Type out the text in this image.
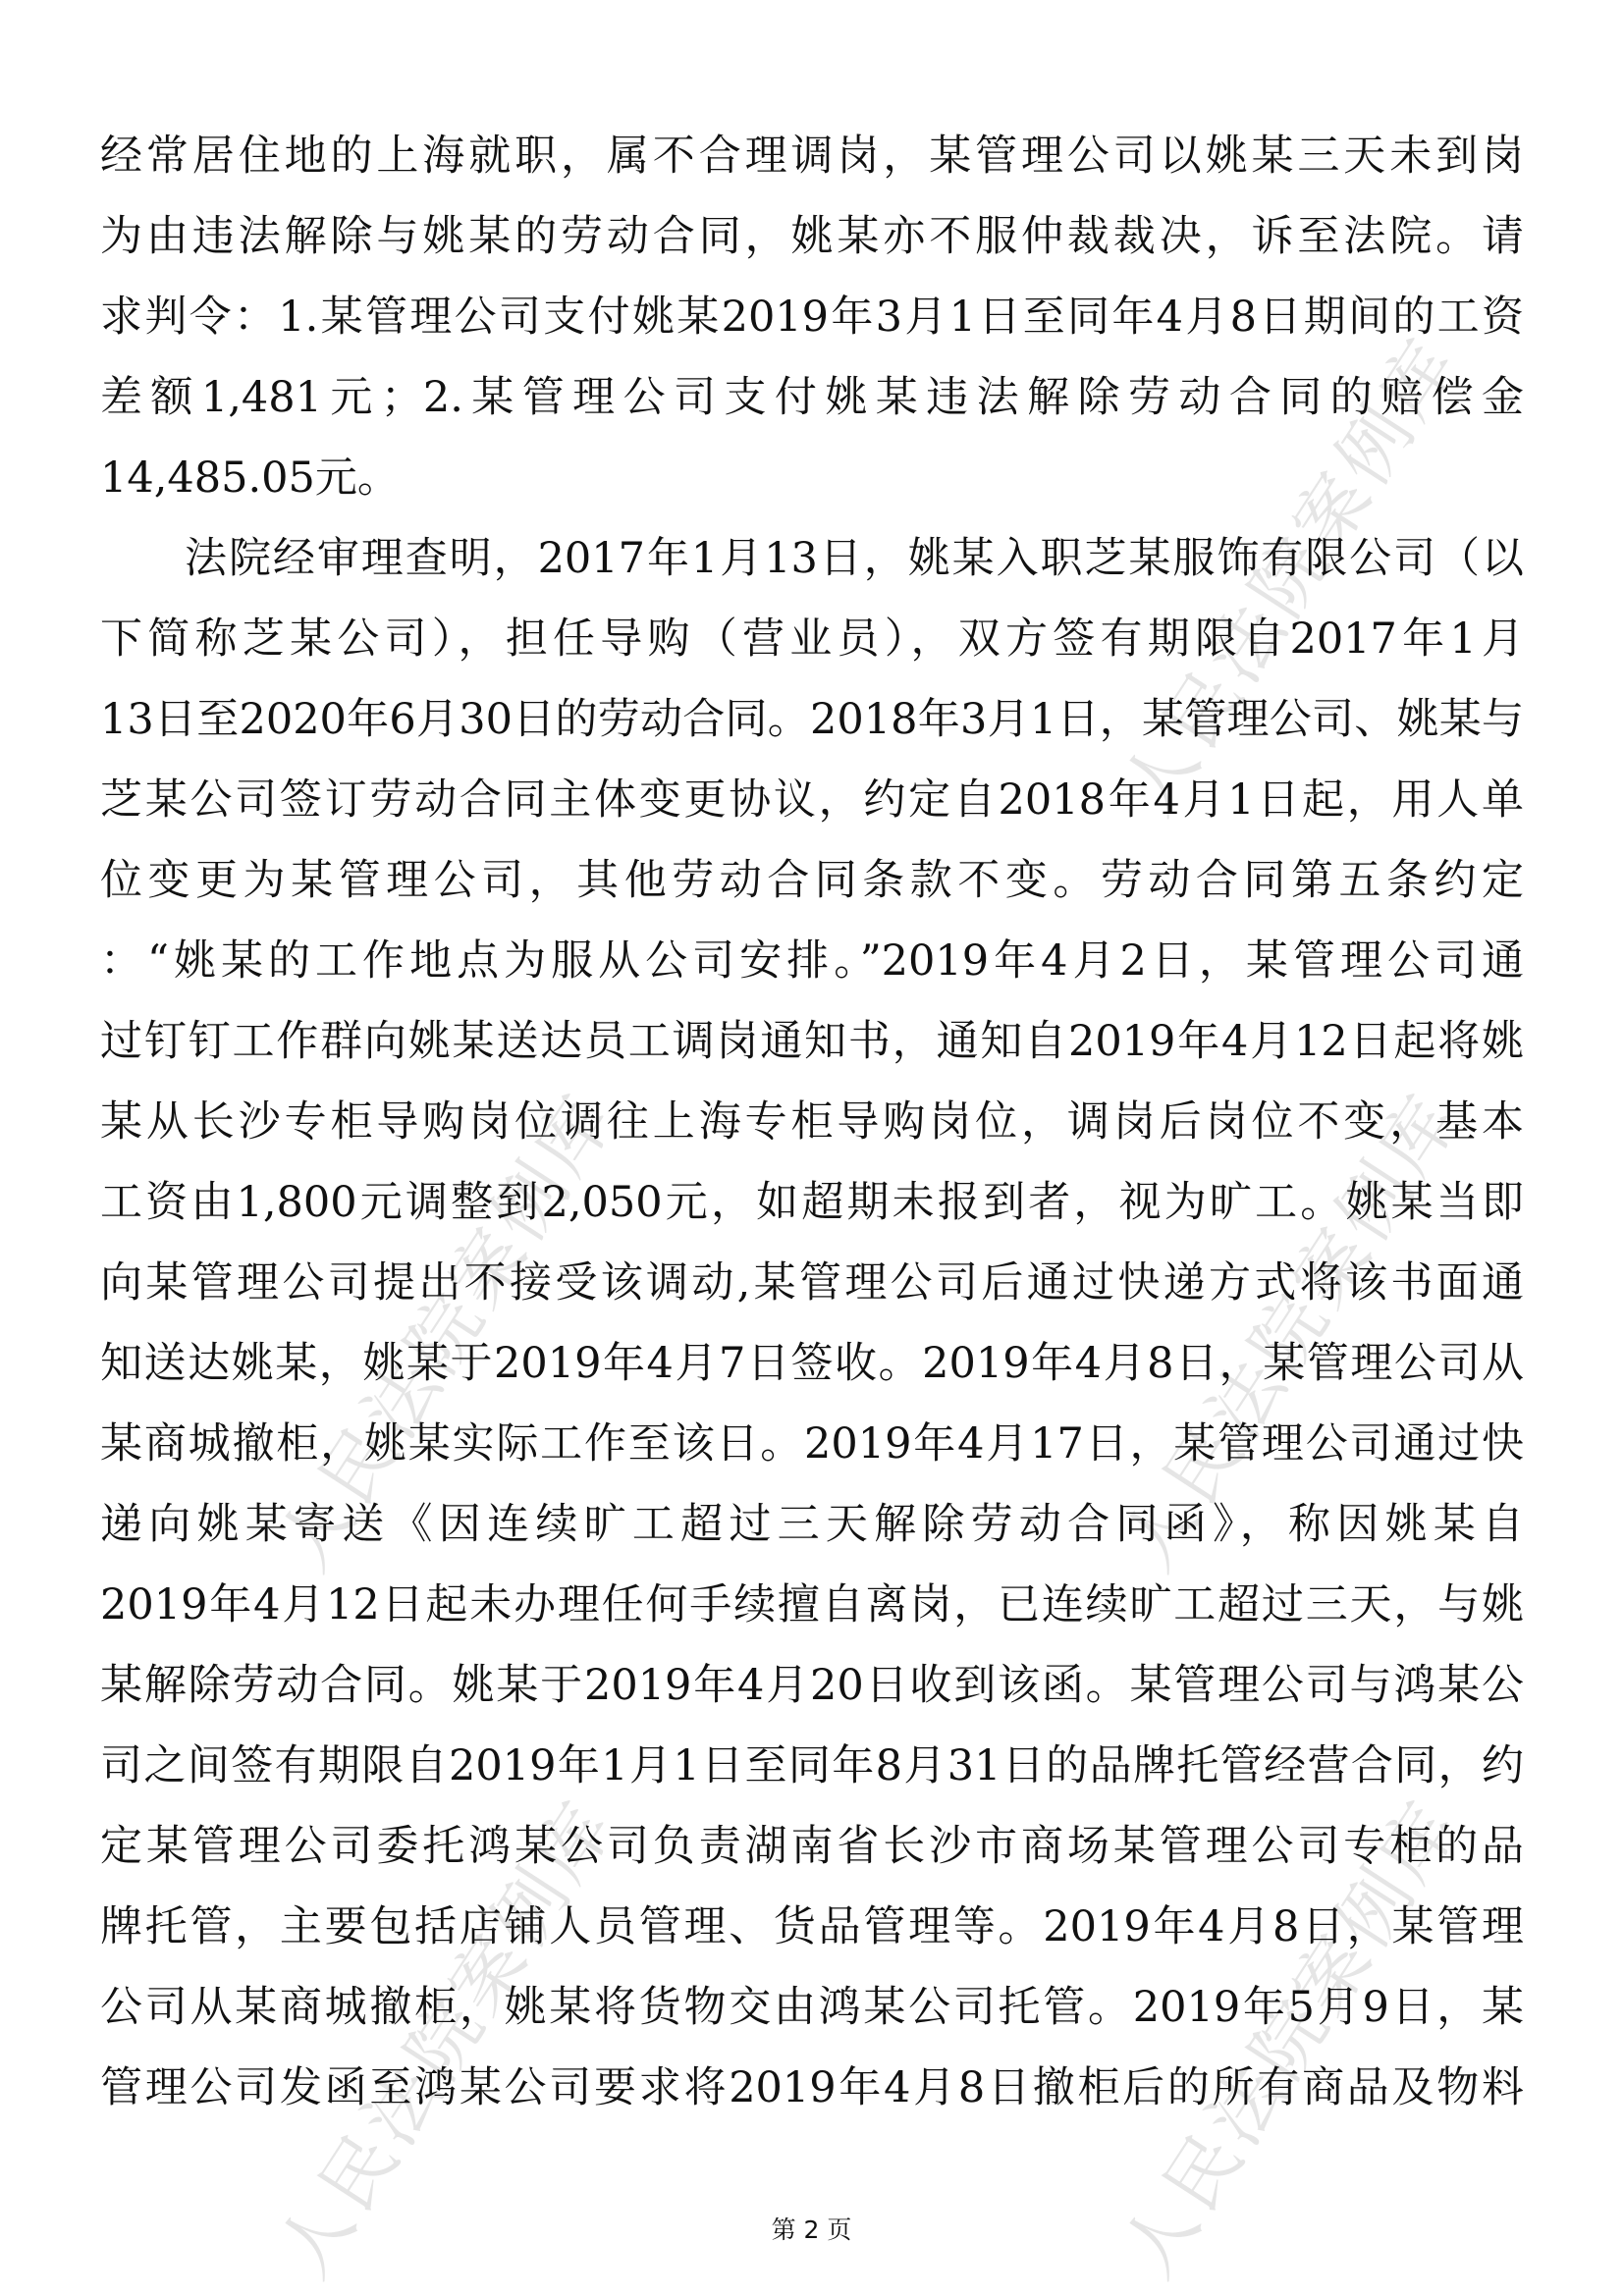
人民法院案例库
人民法院案例库	人民法院案例库
人民法院案例库	人民法院案例库
经常居住地的上海就职，属不合理调岗，某管理公司以姚某三天未到岗
为由违法解除与姚某的劳动合同，姚某亦不服仲裁裁决，诉至法院。请
求判令：1.某管理公司支付姚某2019年3月1日至同年4月8日期间的工资
差额1,481元；2.某管理公司支付姚某违法解除劳动合同的赔偿金
14,485.05元。
法院经审理查明，2017年1月13日，姚某入职芝某服饰有限公司（以
下简称芝某公司），担任导购（营业员），双方签有期限自2017年1月
13日至2020年6月30日的劳动合同。2018年3月1日，某管理公司、姚某与
芝某公司签订劳动合同主体变更协议，约定自2018年4月1日起，用人单
位变更为某管理公司，其他劳动合同条款不变。劳动合同第五条约定
：“姚某的工作地点为服从公司安排。”2019年4月2日，某管理公司通
过钉钉工作群向姚某送达员工调岗通知书，通知自2019年4月12日起将姚
某从长沙专柜导购岗位调往上海专柜导购岗位，调岗后岗位不变，基本
工资由1,800元调整到2,050元，如超期未报到者，视为旷工。姚某当即
向某管理公司提出不接受该调动,某管理公司后通过快递方式将该书面通
知送达姚某，姚某于2019年4月7日签收。2019年4月8日，某管理公司从
某商城撤柜，姚某实际工作至该日。2019年4月17日，某管理公司通过快
递向姚某寄送《因连续旷工超过三天解除劳动合同函》，称因姚某自
2019年4月12日起未办理任何手续擅自离岗，已连续旷工超过三天，与姚
某解除劳动合同。姚某于2019年4月20日收到该函。某管理公司与鸿某公
司之间签有期限自2019年1月1日至同年8月31日的品牌托管经营合同，约
定某管理公司委托鸿某公司负责湖南省长沙市商场某管理公司专柜的品
牌托管，主要包括店铺人员管理、货品管理等。2019年4月8日，某管理
公司从某商城撤柜，姚某将货物交由鸿某公司托管。2019年5月9日，某
管理公司发函至鸿某公司要求将2019年4月8日撤柜后的所有商品及物料
第 2 页
